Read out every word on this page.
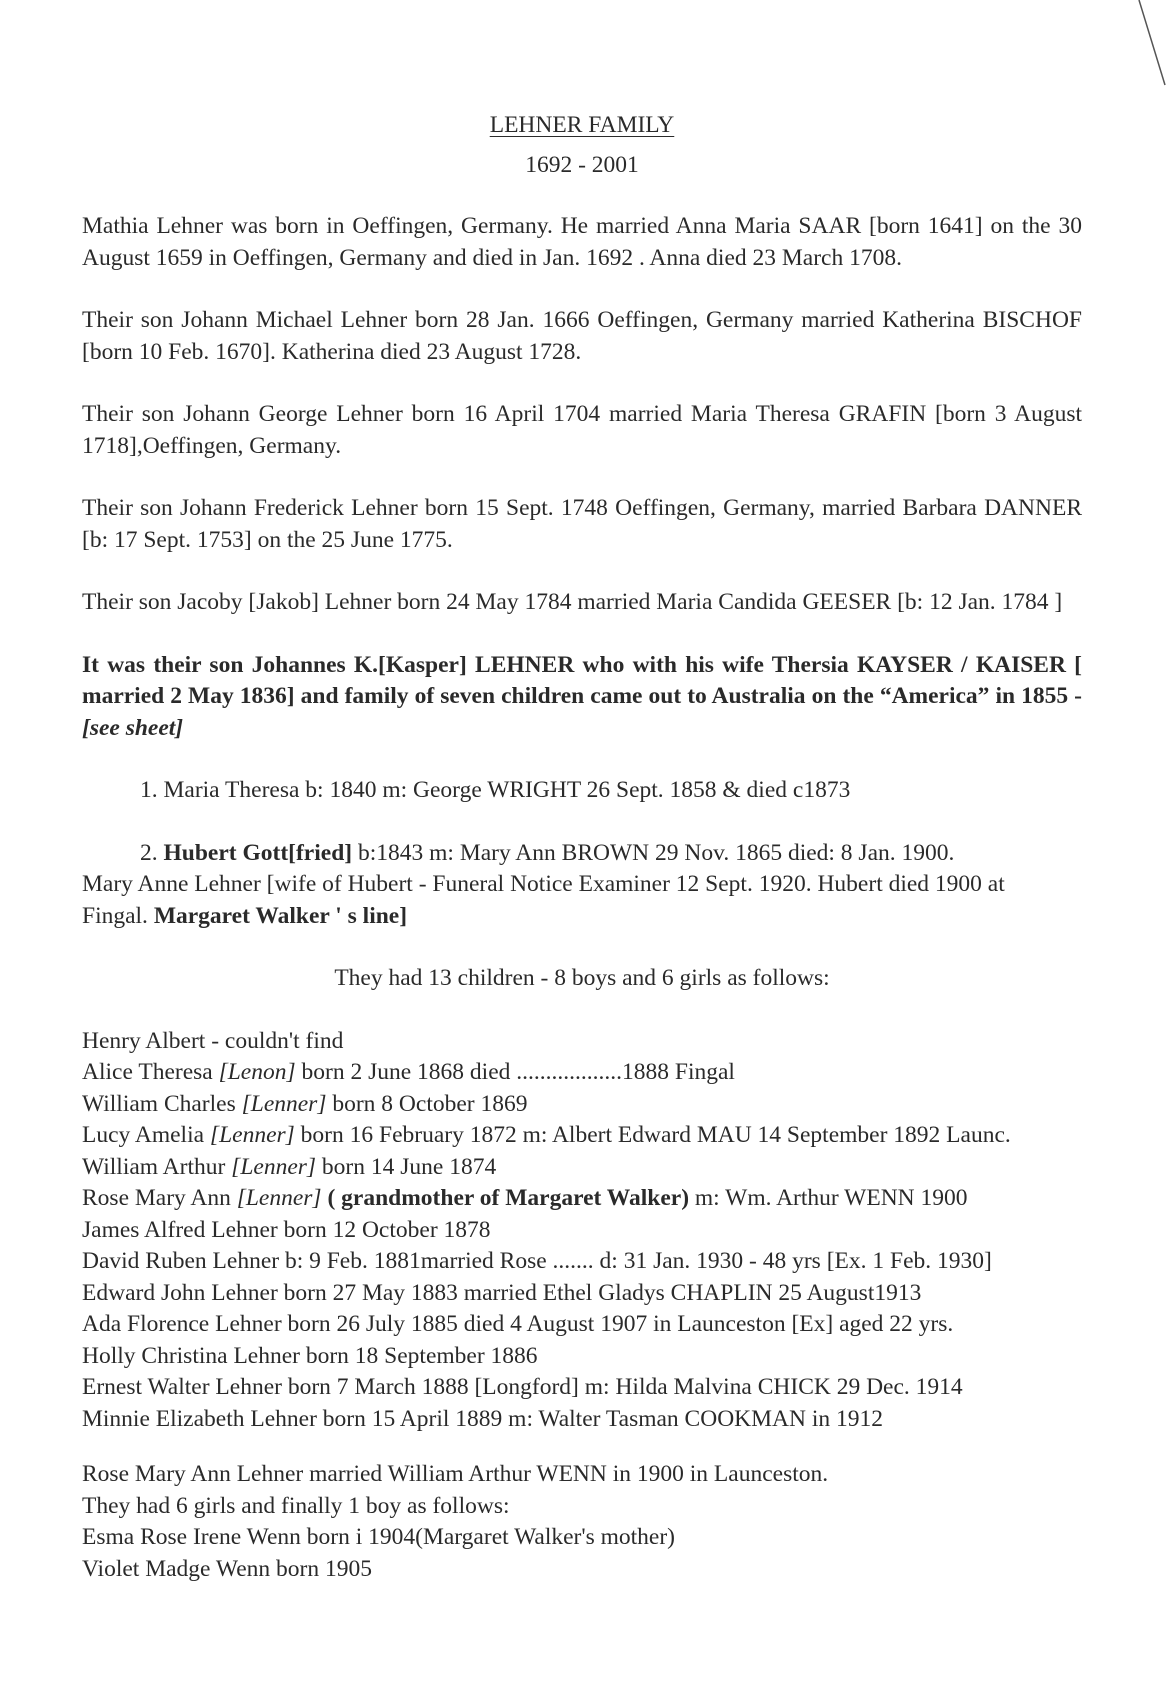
LEHNER FAMILY
1692 - 2001

Mathia Lehner was born in Oeffingen, Germany. He married Anna Maria SAAR [born 1641] on the 30 August 1659 in Oeffingen, Germany and died in Jan. 1692 . Anna died 23 March 1708.

Their son Johann Michael Lehner born 28 Jan. 1666 Oeffingen, Germany married Katherina BISCHOF [born 10 Feb. 1670]. Katherina died 23 August 1728.

Their son Johann George Lehner born 16 April 1704 married Maria Theresa GRAFIN [born 3 August 1718],Oeffingen, Germany.

Their son Johann Frederick Lehner born 15 Sept. 1748 Oeffingen, Germany, married Barbara DANNER [b: 17 Sept. 1753] on the 25 June 1775.

Their son Jacoby [Jakob] Lehner born 24 May 1784 married Maria Candida GEESER [b: 12 Jan. 1784 ]

It was their son Johannes K.[Kasper] LEHNER who with his wife Thersia KAYSER / KAISER [ married 2 May 1836] and family of seven children came out to Australia on the “America” in 1855 - [see sheet]

1. Maria Theresa b: 1840 m: George WRIGHT 26 Sept. 1858 & died c1873

2. Hubert Gott[fried] b:1843 m: Mary Ann BROWN 29 Nov. 1865 died: 8 Jan. 1900.

Mary Anne Lehner [wife of Hubert - Funeral Notice Examiner 12 Sept. 1920. Hubert died 1900 at

Fingal. Margaret Walker ' s line]

They had 13 children - 8 boys and 6 girls as follows:

Henry Albert - couldn't find

Alice Theresa [Lenon] born 2 June 1868 died ..................1888 Fingal

William Charles [Lenner] born 8 October 1869

Lucy Amelia [Lenner] born 16 February 1872 m: Albert Edward MAU 14 September 1892 Launc.

William Arthur [Lenner] born 14 June 1874

Rose Mary Ann [Lenner] ( grandmother of Margaret Walker) m: Wm. Arthur WENN 1900

James Alfred Lehner born 12 October 1878

David Ruben Lehner b: 9 Feb. 1881married Rose ....... d: 31 Jan. 1930 - 48 yrs [Ex. 1 Feb. 1930]

Edward John Lehner born 27 May 1883 married Ethel Gladys CHAPLIN 25 August1913

Ada Florence Lehner born 26 July 1885 died 4 August 1907 in Launceston [Ex] aged 22 yrs.

Holly Christina Lehner born 18 September 1886

Ernest Walter Lehner born 7 March 1888 [Longford] m: Hilda Malvina CHICK 29 Dec. 1914

Minnie Elizabeth Lehner born 15 April 1889 m: Walter Tasman COOKMAN in 1912

Rose Mary Ann Lehner married William Arthur WENN in 1900 in Launceston.

They had 6 girls and finally 1 boy as follows:

Esma Rose Irene Wenn born i 1904(Margaret Walker's mother)

Violet Madge Wenn born 1905
